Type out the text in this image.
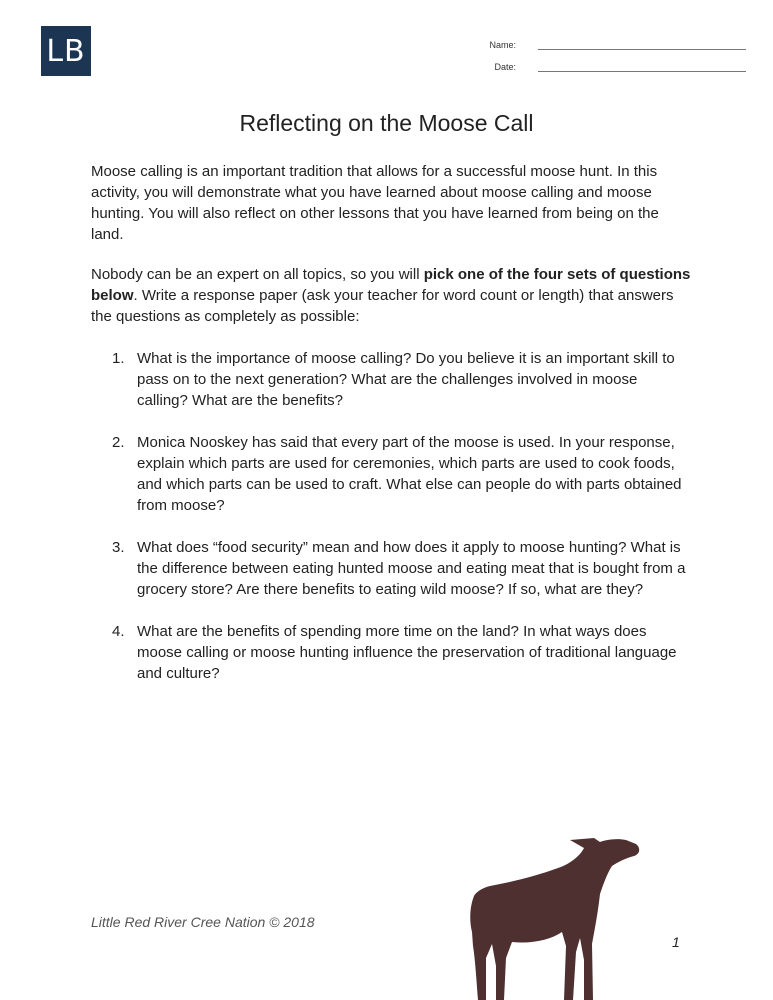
LB	Name:
Date:
Reflecting on the Moose Call

Moose calling is an important tradition that allows for a successful moose hunt. In this activity, you will demonstrate what you have learned about moose calling and moose hunting. You will also reflect on other lessons that you have learned from being on the land.

Nobody can be an expert on all topics, so you will pick one of the four sets of questions below. Write a response paper (ask your teacher for word count or length) that answers the questions as completely as possible:

1. What is the importance of moose calling? Do you believe it is an important skill to pass on to the next generation? What are the challenges involved in moose calling? What are the benefits?
2. Monica Nooskey has said that every part of the moose is used. In your response, explain which parts are used for ceremonies, which parts are used to cook foods, and which parts can be used to craft. What else can people do with parts obtained from moose?
3. What does “food security” mean and how does it apply to moose hunting? What is the difference between eating hunted moose and eating meat that is bought from a grocery store? Are there benefits to eating wild moose? If so, what are they?
4. What are the benefits of spending more time on the land? In what ways does moose calling or moose hunting influence the preservation of traditional language and culture?
Little Red River Cree Nation © 2018
1
